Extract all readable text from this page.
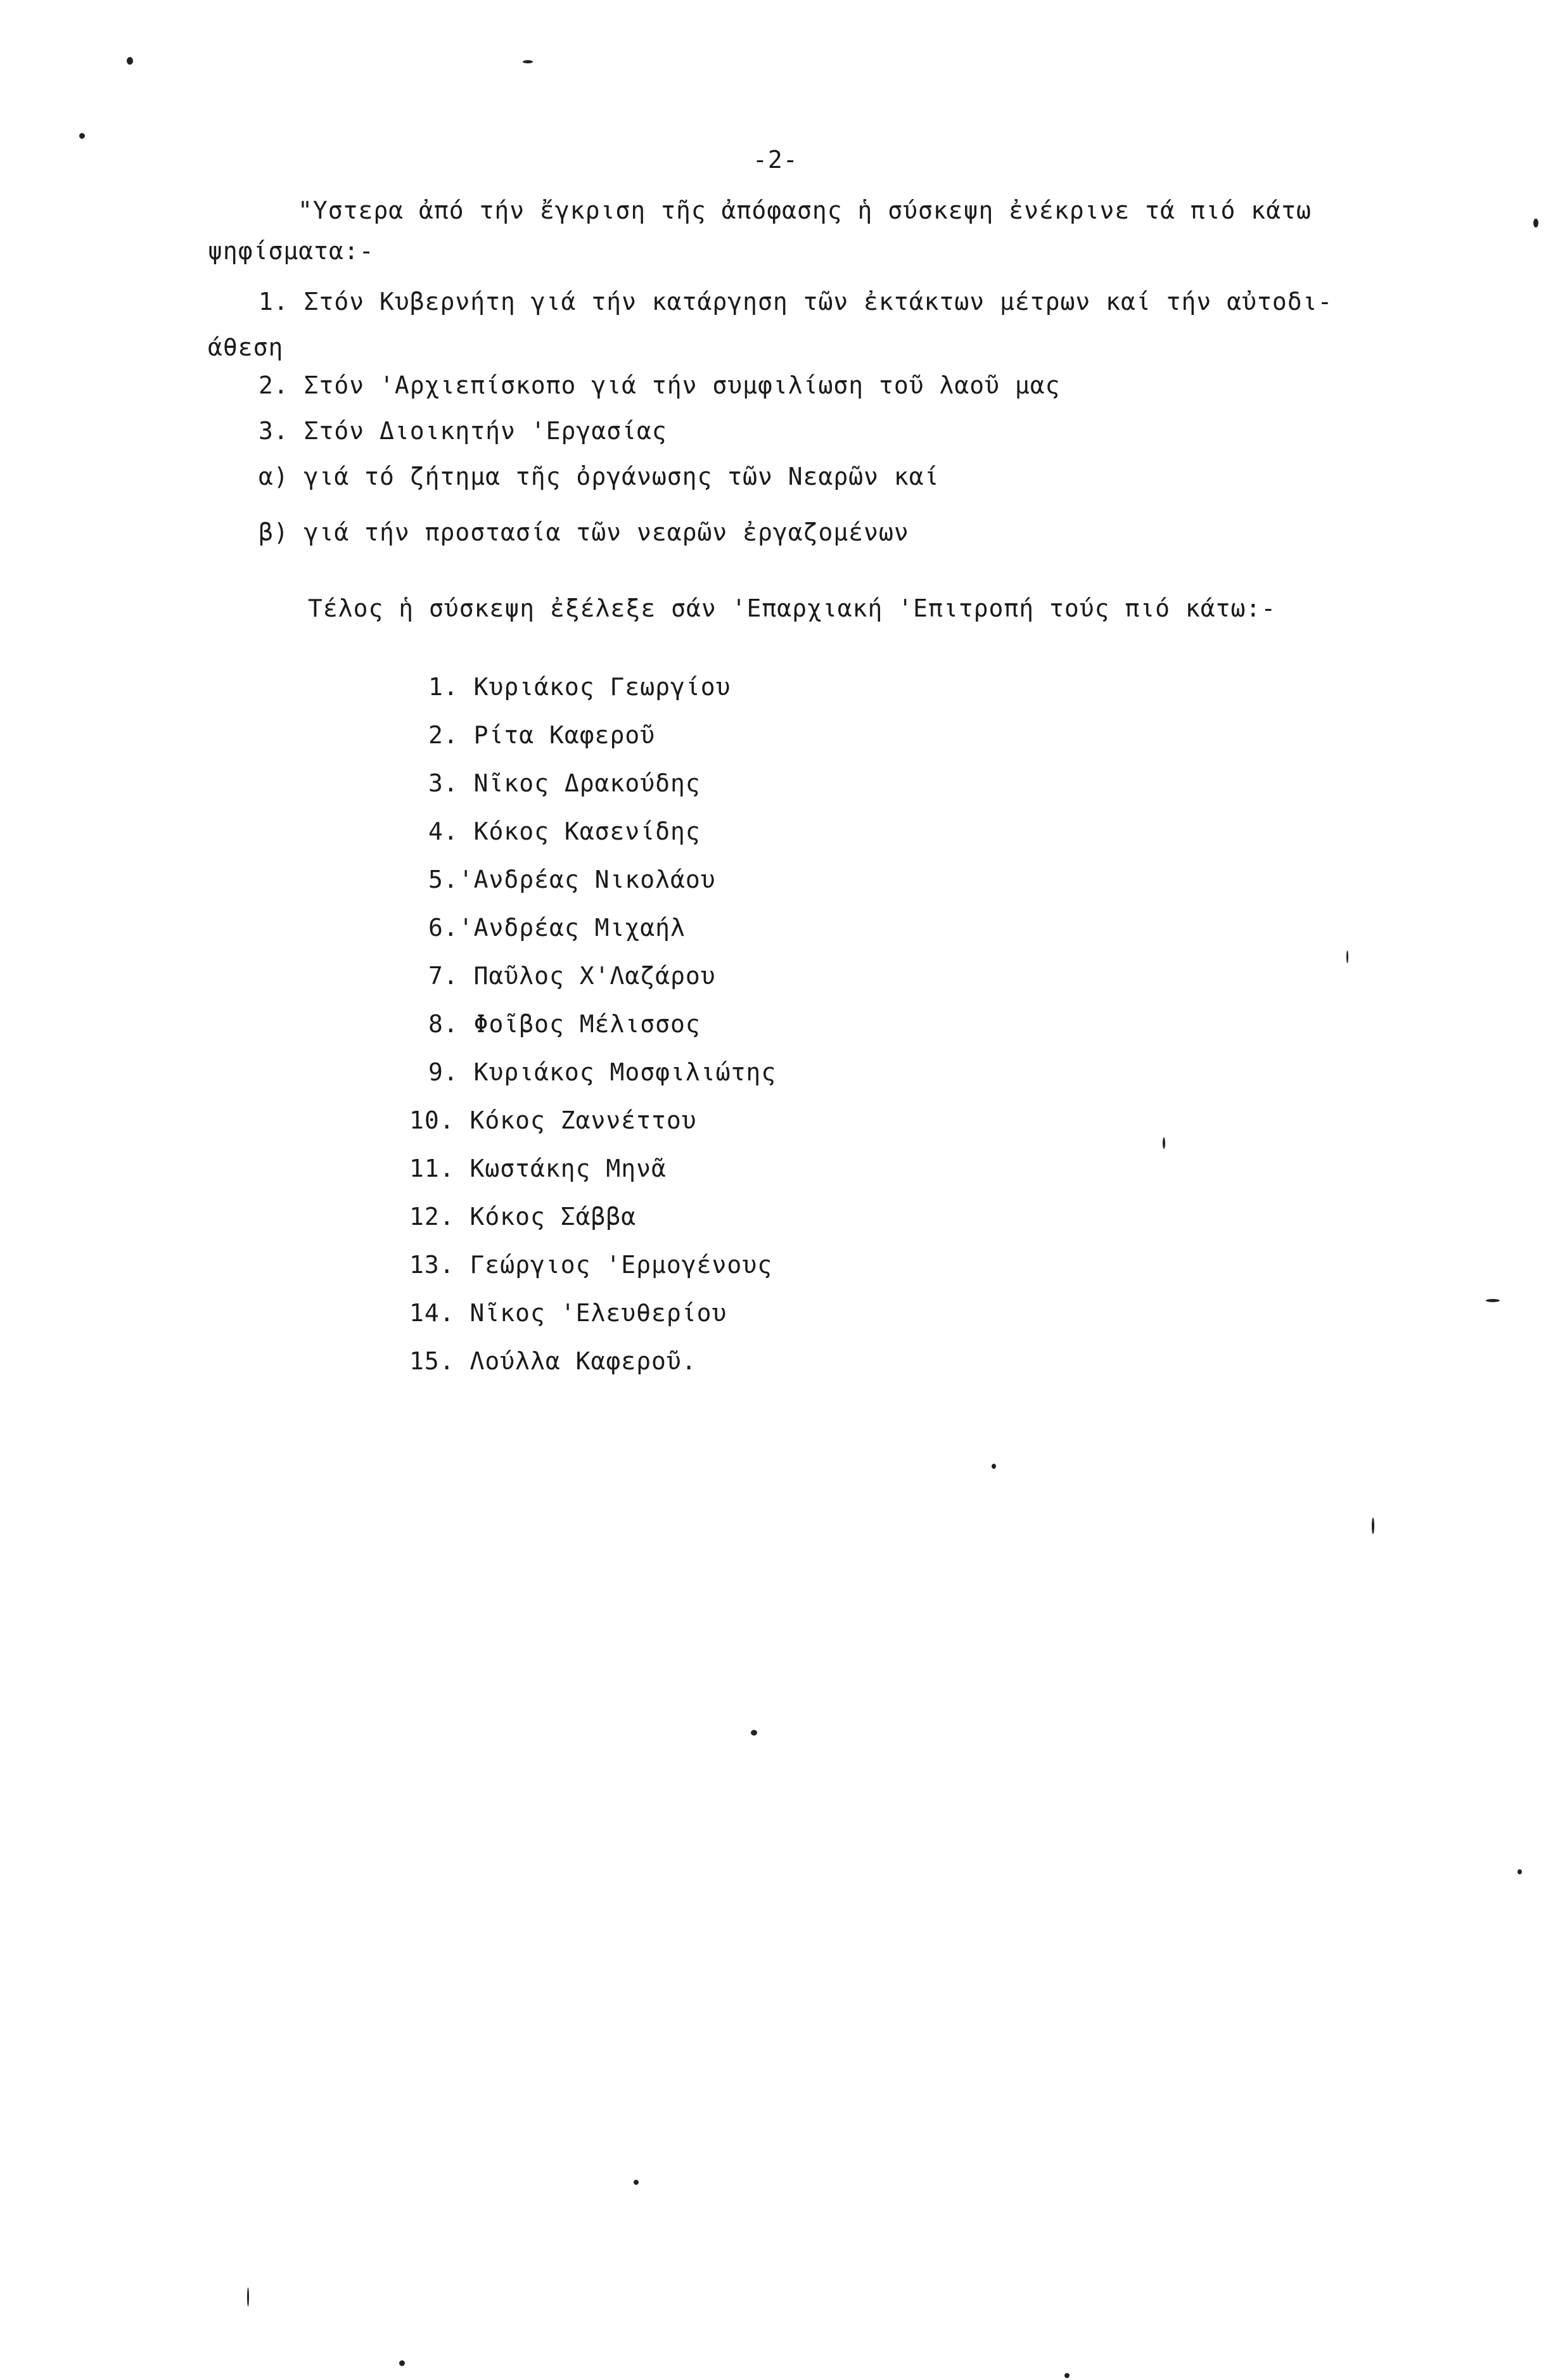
-2-
"Υστερα ἀπό τήν ἔγκριση τῆς ἀπόφασης ἡ σύσκεψη ἐνέκρινε τά πιό κάτω
ψηφίσματα:-
1. Στόν Κυβερνήτη γιά τήν κατάργηση τῶν ἐκτάκτων μέτρων καί τήν αὐτοδι-
άθεση
2. Στόν 'Αρχιεπίσκοπο γιά τήν συμφιλίωση τοῦ λαοῦ μας
3. Στόν Διοικητήν 'Εργασίας
α) γιά τό ζήτημα τῆς ὀργάνωσης τῶν Νεαρῶν καί
β) γιά τήν προστασία τῶν νεαρῶν ἐργαζομένων
Τέλος ἡ σύσκεψη ἐξέλεξε σάν 'Επαρχιακή 'Επιτροπή τούς πιό κάτω:-
1. Κυριάκος Γεωργίου
2. Ρίτα Καφεροῦ
3. Νῖκος Δρακούδης
4. Κόκος Κασενίδης
5.'Ανδρέας Νικολάου
6.'Ανδρέας Μιχαήλ
7. Παῦλος Χ'Λαζάρου
8. Φοῖβος Μέλισσος
9. Κυριάκος Μοσφιλιώτης
10. Κόκος Ζαννέττου
11. Κωστάκης Μηνᾶ
12. Κόκος Σάββα
13. Γεώργιος 'Ερμογένους
14. Νῖκος 'Ελευθερίου
15. Λούλλα Καφεροῦ.
